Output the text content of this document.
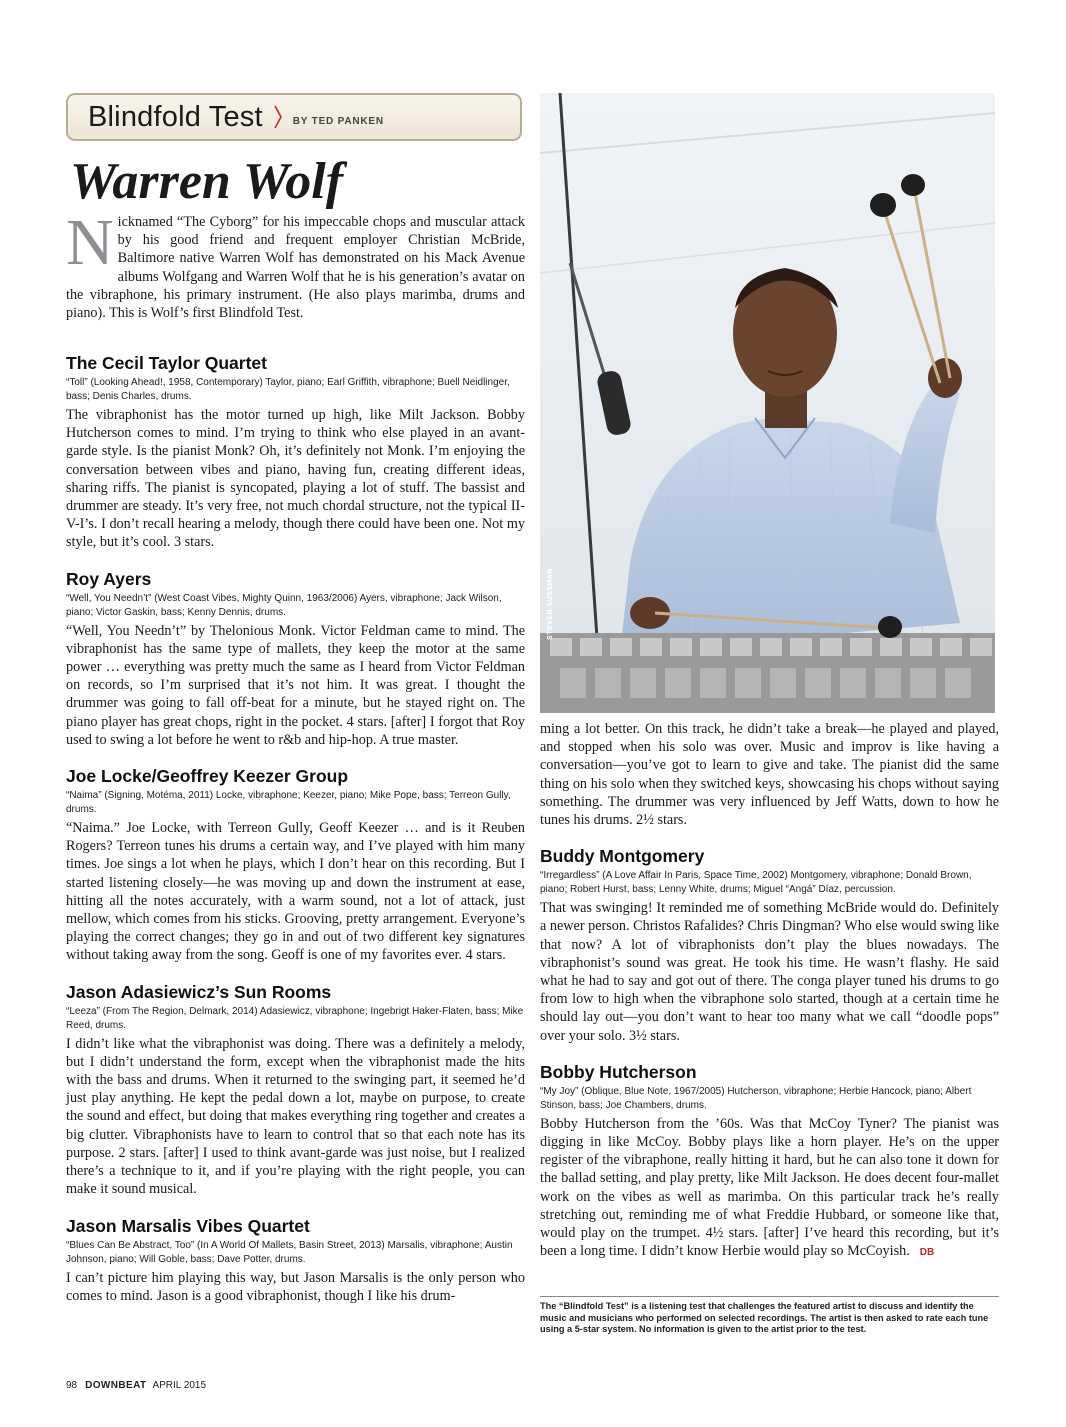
Blindfold Test	BY TED PANKEN
Warren Wolf
N icknamed “The Cyborg” for his impeccable chops and muscular attack by his good friend and frequent employer Christian McBride, Baltimore native Warren Wolf has demonstrated on his Mack Avenue albums Wolfgang and Warren Wolf that he is his generation’s avatar on the vibraphone, his primary instrument. (He also plays marimba, drums and piano). This is Wolf’s first Blindfold Test.

STEVEN SUSSMAN
The Cecil Taylor Quartet

“Toll” (Looking Ahead!, 1958, Contemporary) Taylor, piano; Earl Griffith, vibraphone; Buell Neidlinger, bass; Denis Charles, drums.

The vibraphonist has the motor turned up high, like Milt Jackson. Bobby Hutcherson comes to mind. I’m trying to think who else played in an avant-garde style. Is the pianist Monk? Oh, it’s definitely not Monk. I’m enjoying the conversation between vibes and piano, having fun, creating different ideas, sharing riffs. The pianist is syncopated, playing a lot of stuff. The bassist and drummer are steady. It’s very free, not much chordal structure, not the typical II-V-I’s. I don’t recall hearing a melody, though there could have been one. Not my style, but it’s cool. 3 stars.

Roy Ayers

“Well, You Needn’t” (West Coast Vibes, Mighty Quinn, 1963/2006) Ayers, vibraphone; Jack Wilson, piano; Victor Gaskin, bass; Kenny Dennis, drums.

“Well, You Needn’t” by Thelonious Monk. Victor Feldman came to mind. The vibraphonist has the same type of mallets, they keep the motor at the same power … everything was pretty much the same as I heard from Victor Feldman on records, so I’m surprised that it’s not him. It was great. I thought the drummer was going to fall off-beat for a minute, but he stayed right on. The piano player has great chops, right in the pocket. 4 stars. [after] I forgot that Roy used to swing a lot before he went to r&b and hip-hop. A true master.

Joe Locke/Geoffrey Keezer Group

“Naima” (Signing, Motéma, 2011) Locke, vibraphone; Keezer, piano; Mike Pope, bass; Terreon Gully, drums.

“Naima.” Joe Locke, with Terreon Gully, Geoff Keezer … and is it Reuben Rogers? Terreon tunes his drums a certain way, and I’ve played with him many times. Joe sings a lot when he plays, which I don’t hear on this recording. But I started listening closely—he was moving up and down the instrument at ease, hitting all the notes accurately, with a warm sound, not a lot of attack, just mellow, which comes from his sticks. Grooving, pretty arrangement. Everyone’s playing the correct changes; they go in and out of two different key signatures without taking away from the song. Geoff is one of my favorites ever. 4 stars.

Jason Adasiewicz’s Sun Rooms

“Leeza” (From The Region, Delmark, 2014) Adasiewicz, vibraphone; Ingebrigt Haker-Flaten, bass; Mike Reed, drums.

I didn’t like what the vibraphonist was doing. There was a definitely a melody, but I didn’t understand the form, except when the vibraphonist made the hits with the bass and drums. When it returned to the swinging part, it seemed he’d just play anything. He kept the pedal down a lot, maybe on purpose, to create the sound and effect, but doing that makes everything ring together and creates a big clutter. Vibraphonists have to learn to control that so that each note has its purpose. 2 stars. [after] I used to think avant-garde was just noise, but I realized there’s a technique to it, and if you’re playing with the right people, you can make it sound musical.

Jason Marsalis Vibes Quartet

“Blues Can Be Abstract, Too” (In A World Of Mallets, Basin Street, 2013) Marsalis, vibraphone; Austin Johnson, piano; Will Goble, bass; Dave Potter, drums.

I can’t picture him playing this way, but Jason Marsalis is the only person who comes to mind. Jason is a good vibraphonist, though I like his drum-

ming a lot better. On this track, he didn’t take a break—he played and played, and stopped when his solo was over. Music and improv is like having a conversation—you’ve got to learn to give and take. The pianist did the same thing on his solo when they switched keys, showcasing his chops without saying something. The drummer was very influenced by Jeff Watts, down to how he tunes his drums. 2½ stars.

Buddy Montgomery

“Irregardless” (A Love Affair In Paris, Space Time, 2002) Montgomery, vibraphone; Donald Brown, piano; Robert Hurst, bass; Lenny White, drums; Miguel “Angá” Díaz, percussion.

That was swinging! It reminded me of something McBride would do. Definitely a newer person. Christos Rafalides? Chris Dingman? Who else would swing like that now? A lot of vibraphonists don’t play the blues nowadays. The vibraphonist’s sound was great. He took his time. He wasn’t flashy. He said what he had to say and got out of there. The conga player tuned his drums to go from low to high when the vibraphone solo started, though at a certain time he should lay out—you don’t want to hear too many what we call “doodle pops” over your solo. 3½ stars.

Bobby Hutcherson

“My Joy” (Oblique, Blue Note, 1967/2005) Hutcherson, vibraphone; Herbie Hancock, piano; Albert Stinson, bass; Joe Chambers, drums.

Bobby Hutcherson from the ’60s. Was that McCoy Tyner? The pianist was digging in like McCoy. Bobby plays like a horn player. He’s on the upper register of the vibraphone, really hitting it hard, but he can also tone it down for the ballad setting, and play pretty, like Milt Jackson. He does decent four-mallet work on the vibes as well as marimba. On this particular track he’s really stretching out, reminding me of what Freddie Hubbard, or someone like that, would play on the trumpet. 4½ stars. [after] I’ve heard this recording, but it’s been a long time. I didn’t know Herbie would play so McCoyish. DB

The “Blindfold Test” is a listening test that challenges the featured artist to discuss and identify the music and musicians who performed on selected recordings. The artist is then asked to rate each tune using a 5-star system. No information is given to the artist prior to the test.
98 DOWNBEAT APRIL 2015
